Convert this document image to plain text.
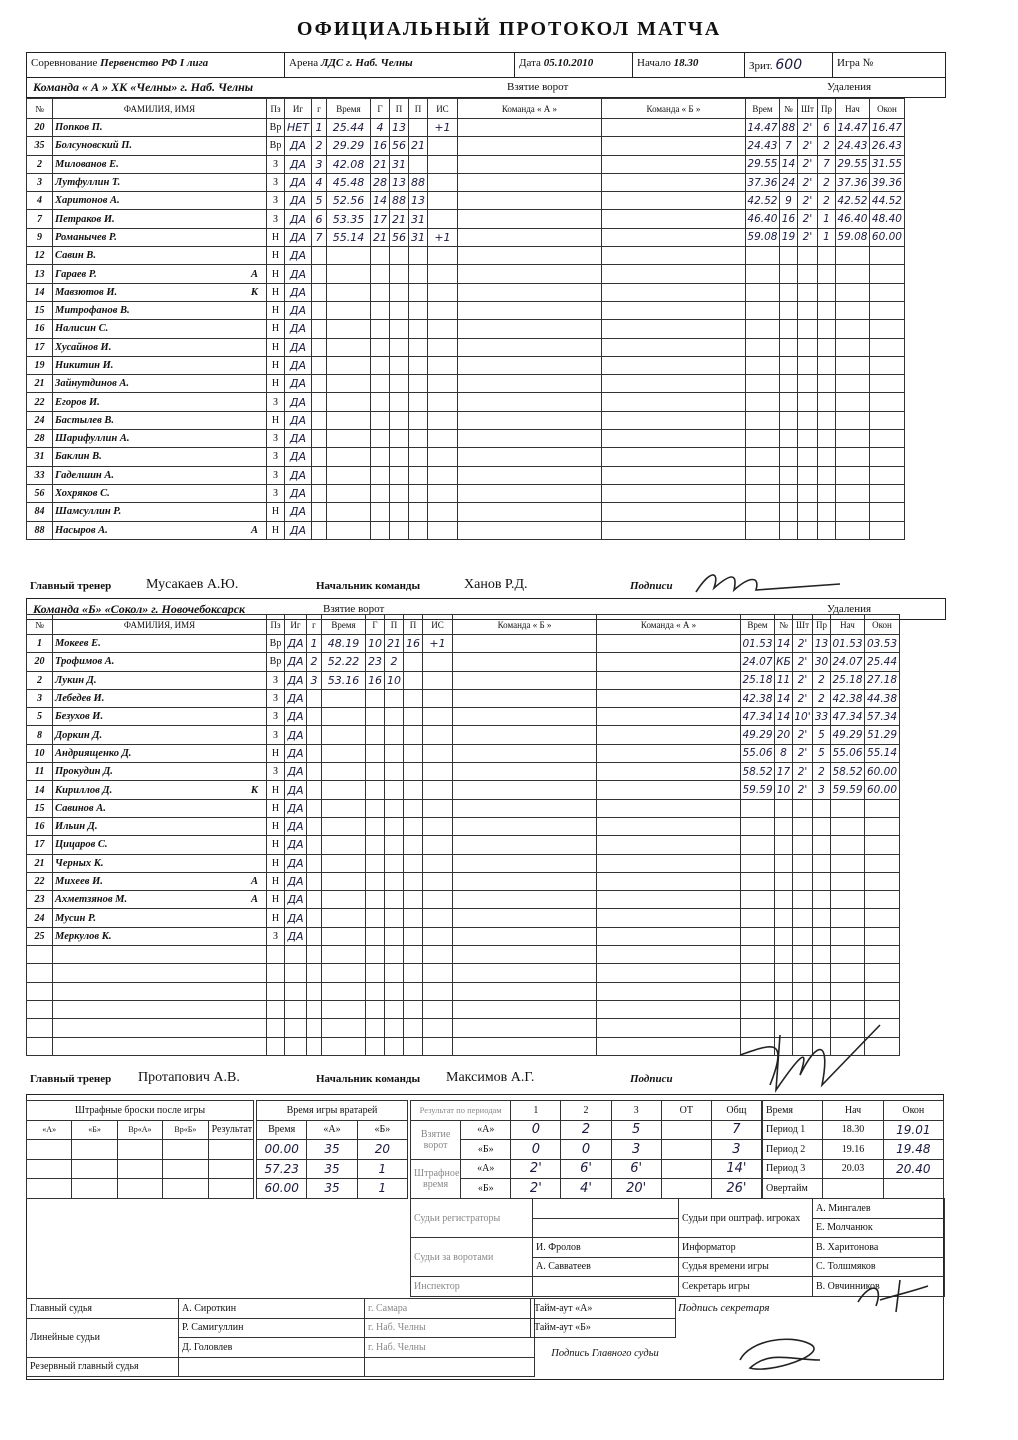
ОФИЦИАЛЬНЫЙ ПРОТОКОЛ МАТЧА
Соревнование Первенство РФ I лига	Арена ЛДС г. Наб. Челны	Дата 05.10.2010	Начало 18.30	Зрит. 600	Игра №
Команда « А » ХК «Челны» г. Наб. Челны	Взятие ворот	Удаления
№	ФАМИЛИЯ, ИМЯ	Пз	Иг	г	Время	Г	П	П	ИС	Команда « А »	Команда « Б »	Врем	№	Шт	Пр	Нач	Окон
20	Попков П.	Вр	НЕТ	1	25.44	4	13		+1			14.47	88	2'	6	14.47	16.47
35	Болсуновский П.	Вр	ДА	2	29.29	16	56	21				24.43	7	2'	2	24.43	26.43
2	Милованов Е.	З	ДА	3	42.08	21	31					29.55	14	2'	7	29.55	31.55
3	Лутфуллин Т.	З	ДА	4	45.48	28	13	88				37.36	24	2'	2	37.36	39.36
4	Харитонов А.	З	ДА	5	52.56	14	88	13				42.52	9	2'	2	42.52	44.52
7	Петраков И.	З	ДА	6	53.35	17	21	31				46.40	16	2'	1	46.40	48.40
9	Романычев Р.	Н	ДА	7	55.14	21	56	31	+1			59.08	19	2'	1	59.08	60.00
12	Савин В.	Н	ДА														
13	Гараев Р. А	Н	ДА														
14	Мавзютов И. К	Н	ДА														
15	Митрофанов В.	Н	ДА														
16	Налисин С.	Н	ДА														
17	Хусайнов И.	Н	ДА														
19	Никитин И.	Н	ДА														
21	Зайнутдинов А.	Н	ДА														
22	Егоров И.	З	ДА														
24	Бастылев В.	Н	ДА														
28	Шарифуллин А.	З	ДА														
31	Баклин В.	З	ДА														
33	Гаделшин А.	З	ДА														
56	Хохряков С.	З	ДА														
84	Шамсуллин Р.	Н	ДА														
88	Насыров А. А	Н	ДА														
Главный тренер Мусакаев А.Ю.	Начальник команды	Ханов Р.Д.	Подписи
Команда «Б» «Сокол» г. Новочебоксарск	Взятие ворот	Удаления
№	ФАМИЛИЯ, ИМЯ	Пз	Иг	г	Время	Г	П	П	ИС	Команда « Б »	Команда « А »	Врем	№	Шт	Пр	Нач	Окон
1	Мокеев Е.	Вр	ДА	1	48.19	10	21	16	+1			01.53	14	2'	13	01.53	03.53
20	Трофимов А.	Вр	ДА	2	52.22	23	2					24.07	КБ	2'	30	24.07	25.44
2	Лукин Д.	З	ДА	3	53.16	16	10					25.18	11	2'	2	25.18	27.18
3	Лебедев И.	З	ДА									42.38	14	2'	2	42.38	44.38
5	Безухов И.	З	ДА									47.34	14	10'	33	47.34	57.34
8	Доркин Д.	З	ДА									49.29	20	2'	5	49.29	51.29
10	Андриященко Д.	Н	ДА									55.06	8	2'	5	55.06	55.14
11	Прокудин Д.	З	ДА									58.52	17	2'	2	58.52	60.00
14	Кириллов Д. К	Н	ДА									59.59	10	2'	3	59.59	60.00
15	Савинов А.	Н	ДА														
16	Ильин Д.	Н	ДА														
17	Цицаров С.	Н	ДА														
21	Черных К.	Н	ДА														
22	Михеев И. А	Н	ДА														
23	Ахметзянов М. А	Н	ДА														
24	Мусин Р.	Н	ДА														
25	Меркулов К.	З	ДА														

Главный тренер Протапович А.В.	Начальник команды Максимов А.Г.	Подписи
Штрафные броски после игры				
«А»	«Б»	Вр«А»	Вр«Б»	Результат

Время игры вратарей		
Время	«А»	«Б»
00.00	35	20
57.23	35	1
60.00	35	1
Результат по периодам		1	2	3	ОТ	Общ
Взятие ворот	«А»	0	2	5		7
	«Б»	0	0	3		3
Штрафное время	«А»	2'	6'	6'		14'
	«Б»	2'	4'	20'		26'
Время	Нач	Окон
Период 1	18.30	19.01
Период 2	19.16	19.48
Период 3	20.03	20.40
Овертайм		
Судьи регистраторы		Судьи при оштраф. игроках	А. Мингалев
			Е. Молчанюк
Судьи за воротами	И. Фролов	Информатор	В. Харитонова
	А. Савватеев	Судья времени игры	С. Толшмяков
Инспектор		Секретарь игры	В. Овчинников
Главный судья	А. Сироткин	г. Самара
Линейные судьи	Р. Самигуллин	г. Наб. Челны
	Д. Головлев	г. Наб. Челны
Резервный главный судья		
Тайм-аут «А»
Тайм-аут «Б»
Подпись секретаря
Подпись Главного судьи
